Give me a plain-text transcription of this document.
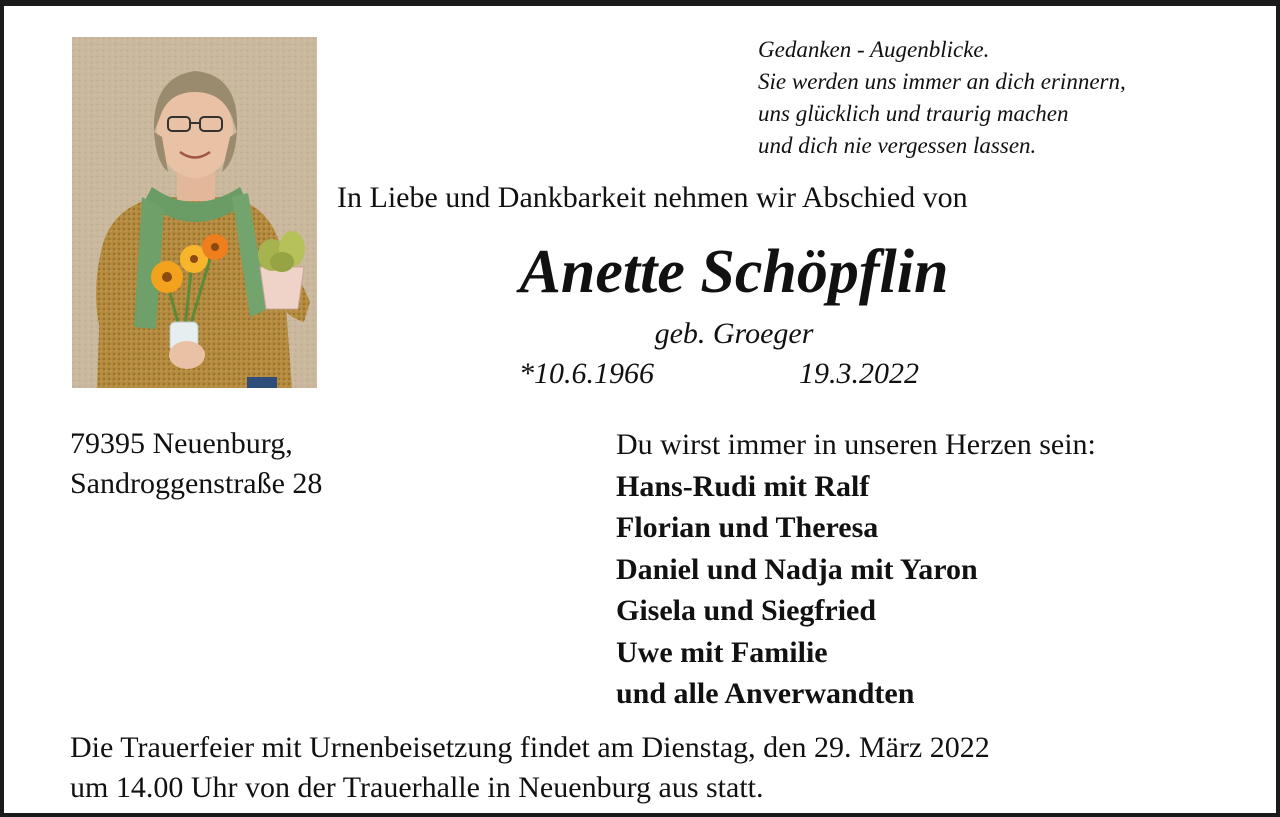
Gedanken - Augenblicke.
Sie werden uns immer an dich erinnern,
uns glücklich und traurig machen
und dich nie vergessen lassen.
In Liebe und Dankbarkeit nehmen wir Abschied von
Anette Schöpflin
geb. Groeger
*10.6.1966	19.3.2022
79395 Neuenburg,
Sandroggenstraße 28
Du wirst immer in unseren Herzen sein:
Hans-Rudi mit Ralf
Florian und Theresa
Daniel und Nadja mit Yaron
Gisela und Siegfried
Uwe mit Familie
und alle Anverwandten
Die Trauerfeier mit Urnenbeisetzung findet am Dienstag, den 29. März 2022
um 14.00 Uhr von der Trauerhalle in Neuenburg aus statt.
